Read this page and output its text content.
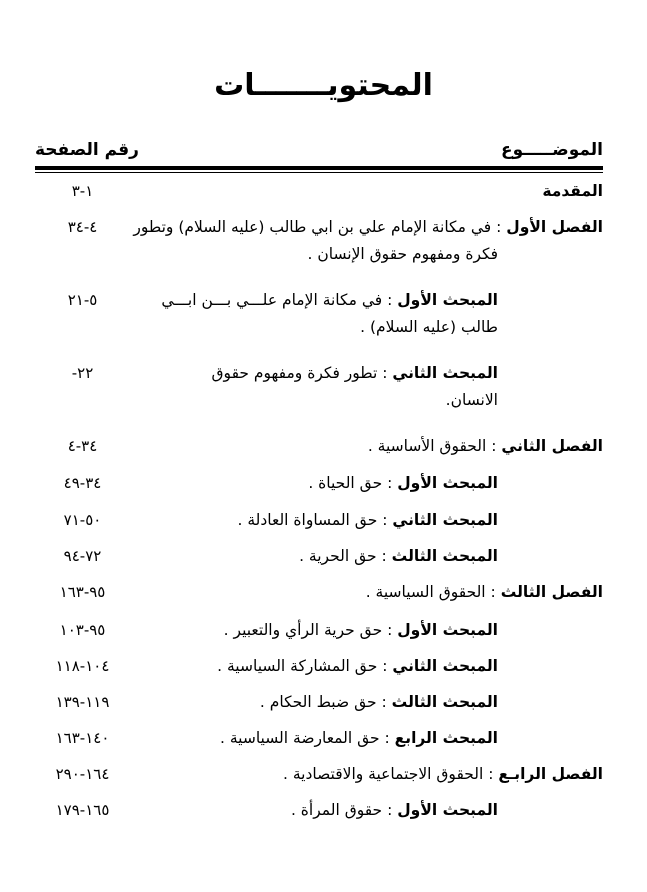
المحتويـــــــات
الموضـــــوع
رقم الصفحة
المقدمة
١-٣
الفصل الأول : في مكانة الإمام علي بن ابي طالب (عليه السلام) وتطور
فكرة ومفهوم حقوق الإنسان .
٤-٣٤
المبحث الأول : في مكانة الإمام علـــي بـــن ابـــي
طالب (عليه السلام) .
٥-٢١
المبحث الثاني : تطور فكرة ومفهوم حقوق
الانسان.
٢٢-
الفصل الثاني : الحقوق الأساسية .
٣٤-٤
المبحث الأول : حق الحياة .
٣٤-٤٩
المبحث الثاني : حق المساواة العادلة .
٥٠-٧١
المبحث الثالث : حق الحرية .
٧٢-٩٤
الفصل الثالث : الحقوق السياسية .
٩٥-١٦٣
المبحث الأول : حق حرية الرأي والتعبير .
٩٥-١٠٣
المبحث الثاني : حق المشاركة السياسية .
١٠٤-١١٨
المبحث الثالث : حق ضبط الحكام .
١١٩-١٣٩
المبحث الرابع : حق المعارضة السياسية .
١٤٠-١٦٣
الفصل الرابـع : الحقوق الاجتماعية والاقتصادية .
١٦٤-٢٩٠
المبحث الأول : حقوق المرأة .
١٦٥-١٧٩
